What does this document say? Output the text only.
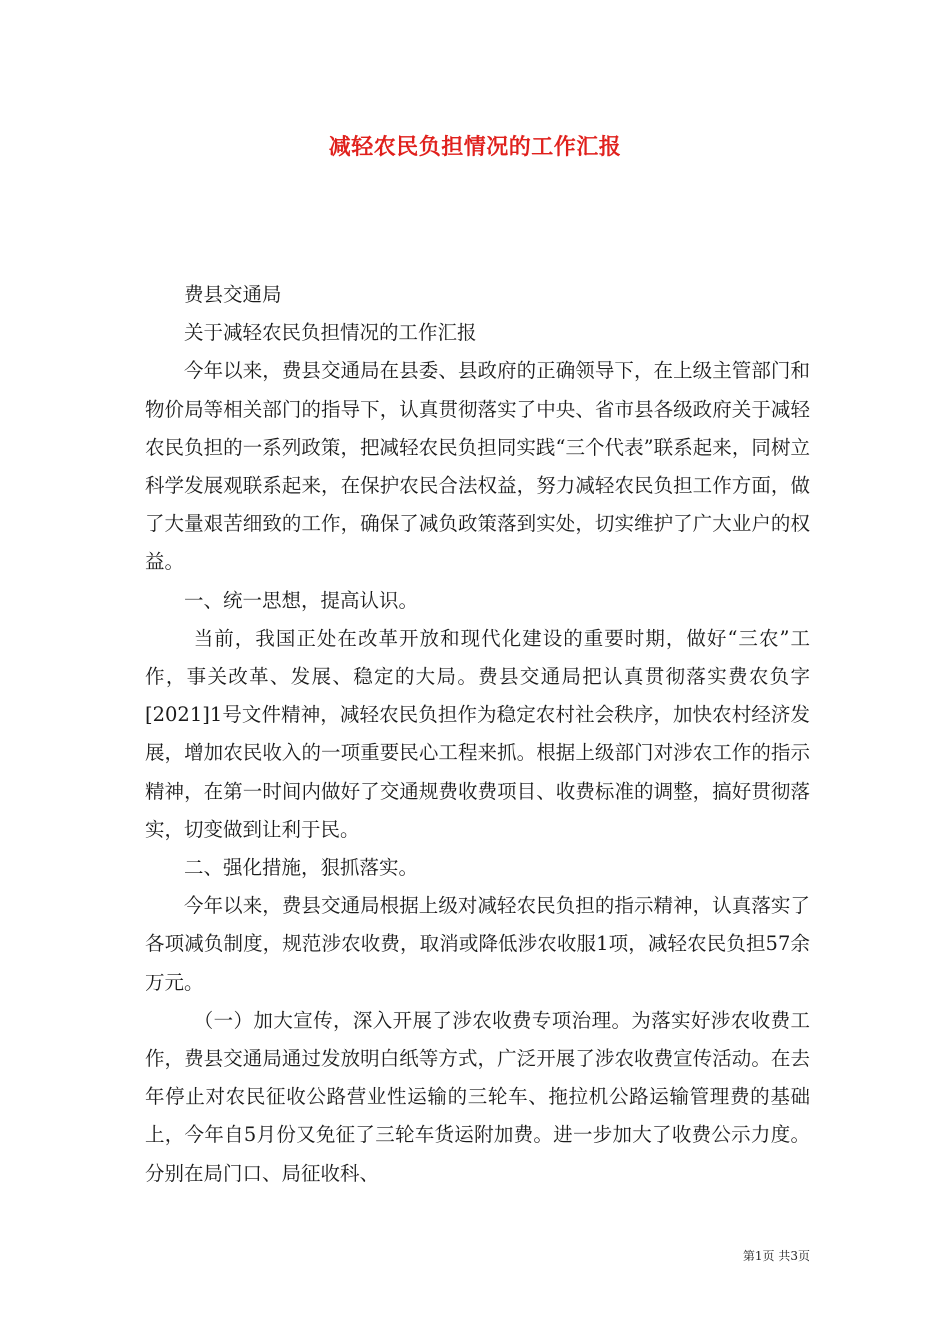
减轻农民负担情况的工作汇报

费县交通局

关于减轻农民负担情况的工作汇报

今年以来，费县交通局在县委、县政府的正确领导下，在上级主管部门和物价局等相关部门的指导下，认真贯彻落实了中央、省市县各级政府关于减轻农民负担的一系列政策，把减轻农民负担同实践“三个代表”联系起来，同树立科学发展观联系起来，在保护农民合法权益，努力减轻农民负担工作方面，做了大量艰苦细致的工作，确保了减负政策落到实处，切实维护了广大业户的权益。

一、统一思想，提高认识。

当前，我国正处在改革开放和现代化建设的重要时期，做好“三农”工作，事关改革、发展、稳定的大局。费县交通局把认真贯彻落实费农负字[2021]1号文件精神，减轻农民负担作为稳定农村社会秩序，加快农村经济发展，增加农民收入的一项重要民心工程来抓。根据上级部门对涉农工作的指示精神，在第一时间内做好了交通规费收费项目、收费标准的调整，搞好贯彻落实，切变做到让利于民。

二、强化措施，狠抓落实。

今年以来，费县交通局根据上级对减轻农民负担的指示精神，认真落实了各项减负制度，规范涉农收费，取消或降低涉农收服1项，减轻农民负担57余万元。

（一）加大宣传，深入开展了涉农收费专项治理。为落实好涉农收费工作，费县交通局通过发放明白纸等方式，广泛开展了涉农收费宣传活动。在去年停止对农民征收公路营业性运输的三轮车、拖拉机公路运输管理费的基础上，今年自5月份又免征了三轮车货运附加费。进一步加大了收费公示力度。分别在局门口、局征收科、

第1页 共3页
